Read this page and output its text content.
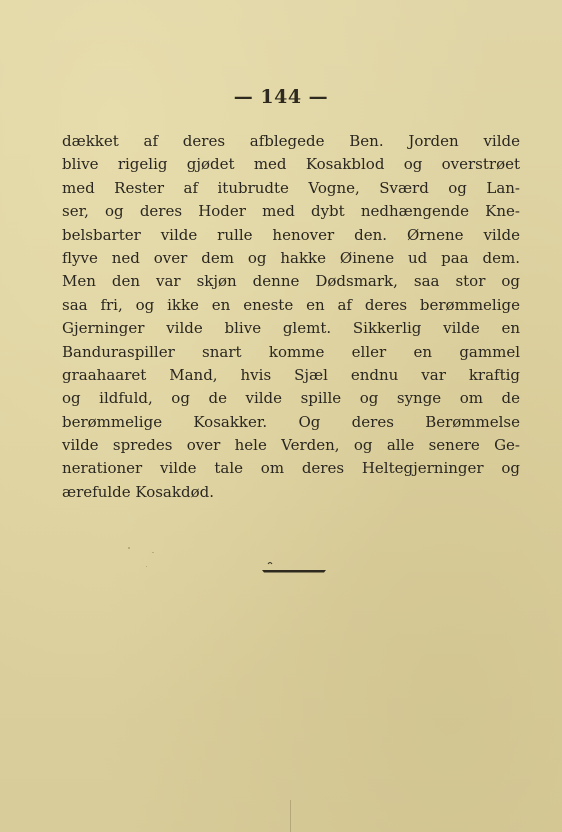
— 144 —
dækket af deres afblegede Ben. Jorden vilde
blive rigelig gjødet med Kosakblod og overstrøet
med Rester af itubrudte Vogne, Sværd og Lan-
ser, og deres Hoder med dybt nedhængende Kne-
belsbarter vilde rulle henover den. Ørnene vilde
flyve ned over dem og hakke Øinene ud paa dem.
Men den var skjøn denne Dødsmark, saa stor og
saa fri, og ikke en eneste en af deres berømmelige
Gjerninger vilde blive glemt. Sikkerlig vilde en
Banduraspiller snart komme eller en gammel
graahaaret Mand, hvis Sjæl endnu var kraftig
og ildfuld, og de vilde spille og synge om de
berømmelige Kosakker. Og deres Berømmelse
vilde spredes over hele Verden, og alle senere Ge-
nerationer vilde tale om deres Heltegjerninger og
ærefulde Kosakdød.
